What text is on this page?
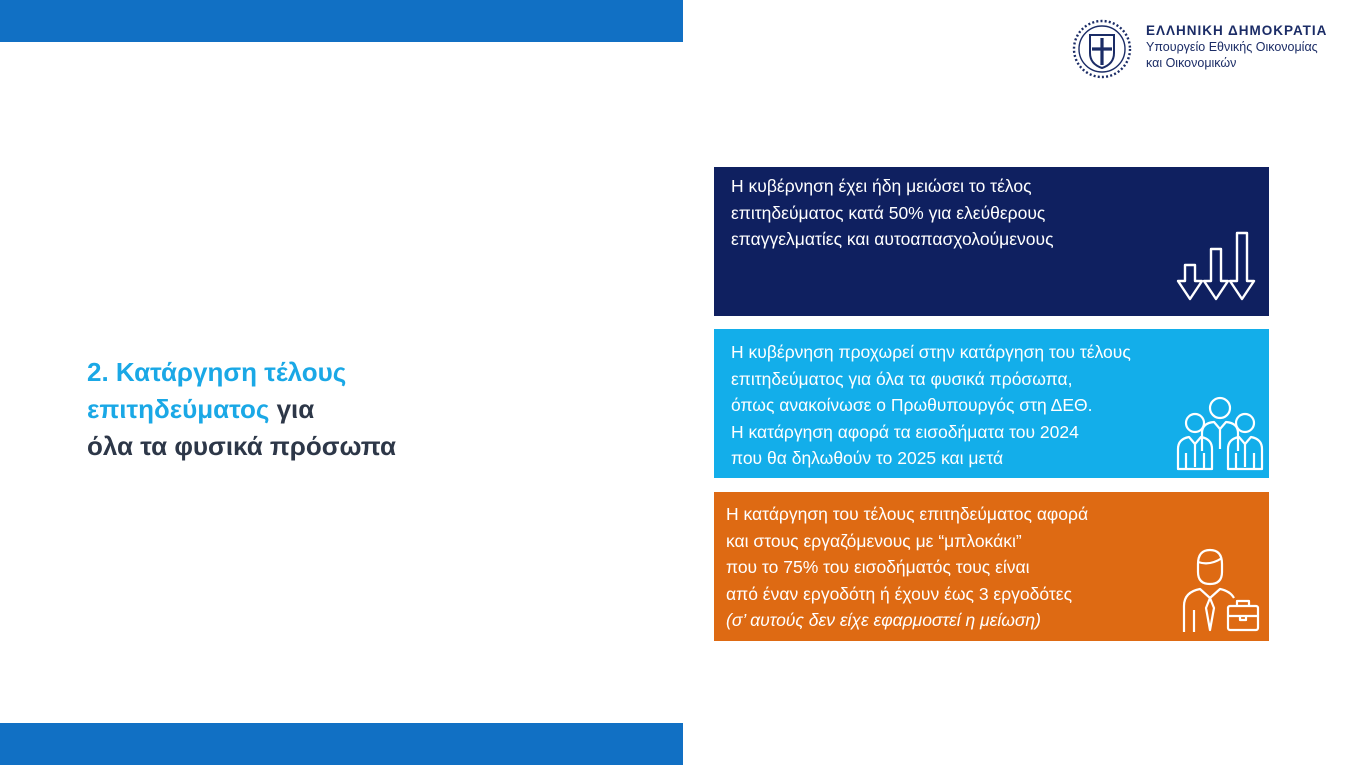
ΕΛΛΗΝΙΚΗ ΔΗΜΟΚΡΑΤΙΑ
Υπουργείο Εθνικής Οικονομίας
και Οικονομικών
2. Κατάργηση τέλους
επιτηδεύματος για
όλα τα φυσικά πρόσωπα
Η κυβέρνηση έχει ήδη μειώσει το τέλος
επιτηδεύματος κατά 50% για ελεύθερους
επαγγελματίες και αυτοαπασχολούμενους
Η κυβέρνηση προχωρεί στην κατάργηση του τέλους
επιτηδεύματος για όλα τα φυσικά πρόσωπα,
όπως ανακοίνωσε ο Πρωθυπουργός στη ΔΕΘ.
Η κατάργηση αφορά τα εισοδήματα του 2024
που θα δηλωθούν το 2025 και μετά
Η κατάργηση του τέλους επιτηδεύματος αφορά
και στους εργαζόμενους με “μπλοκάκι”
που το 75% του εισοδήματός τους είναι
από έναν εργοδότη ή έχουν έως 3 εργοδότες
(σ’ αυτούς δεν είχε εφαρμοστεί η μείωση)
